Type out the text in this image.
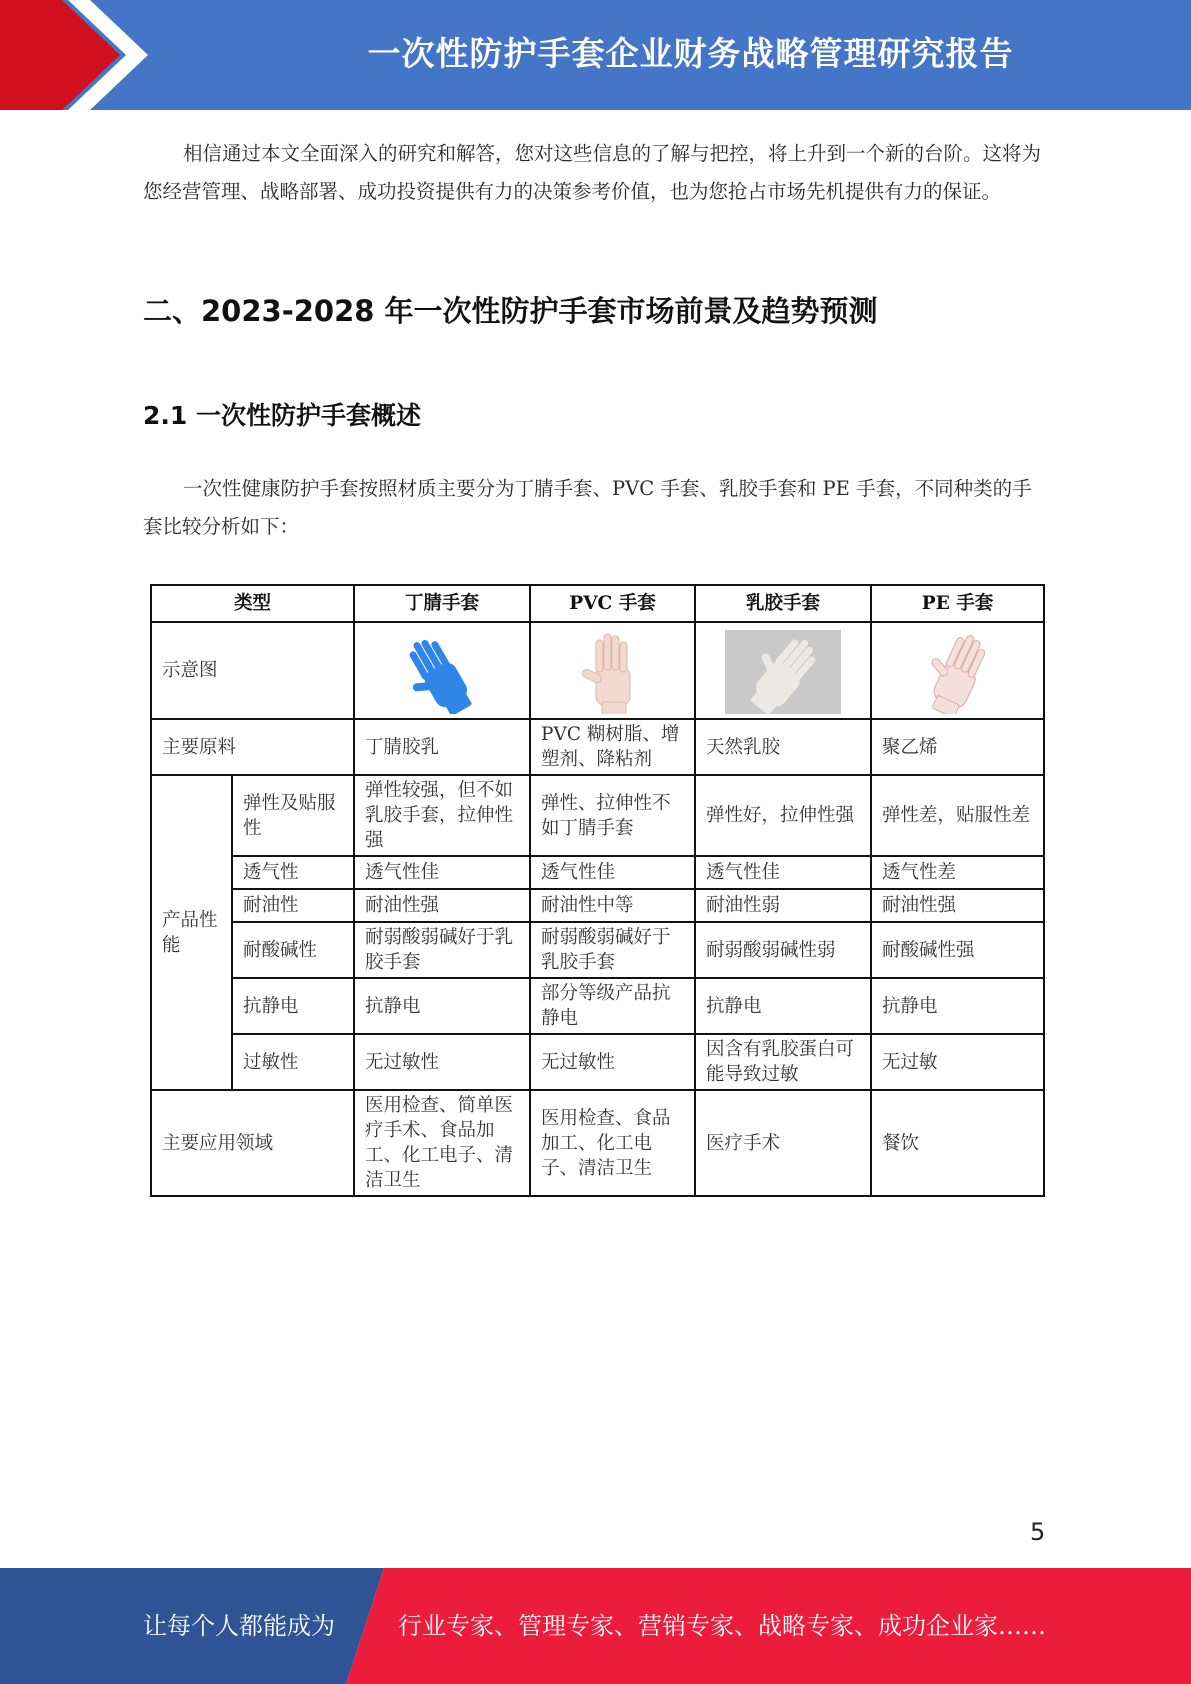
一次性防护手套企业财务战略管理研究报告

相信通过本文全面深入的研究和解答，您对这些信息的了解与把控，将上升到一个新的台阶。这将为您经营管理、战略部署、成功投资提供有力的决策参考价值，也为您抢占市场先机提供有力的保证。

二、2023-2028 年一次性防护手套市场前景及趋势预测
2.1 一次性防护手套概述

一次性健康防护手套按照材质主要分为丁腈手套、PVC 手套、乳胶手套和 PE 手套，不同种类的手套比较分析如下：

类型		丁腈手套	PVC 手套	乳胶手套	PE 手套
示意图	

主要原料		丁腈胶乳	PVC 糊树脂、增塑剂、降粘剂	天然乳胶	聚乙烯
产品性能	弹性及贴服性	弹性较强，但不如乳胶手套，拉伸性强	弹性、拉伸性不如丁腈手套	弹性好，拉伸性强	弹性差，贴服性差
	透气性	透气性佳	透气性佳	透气性佳	透气性差
	耐油性	耐油性强	耐油性中等	耐油性弱	耐油性强
	耐酸碱性	耐弱酸弱碱好于乳胶手套	耐弱酸弱碱好于乳胶手套	耐弱酸弱碱性弱	耐酸碱性强
	抗静电	抗静电	部分等级产品抗静电	抗静电	抗静电
	过敏性	无过敏性	无过敏性	因含有乳胶蛋白可能导致过敏	无过敏
主要应用领域		医用检查、简单医疗手术、食品加工、化工电子、清洁卫生	医用检查、食品加工、化工电子、清洁卫生	医疗手术	餐饮
5
让每个人都能成为	行业专家、管理专家、营销专家、战略专家、成功企业家……
